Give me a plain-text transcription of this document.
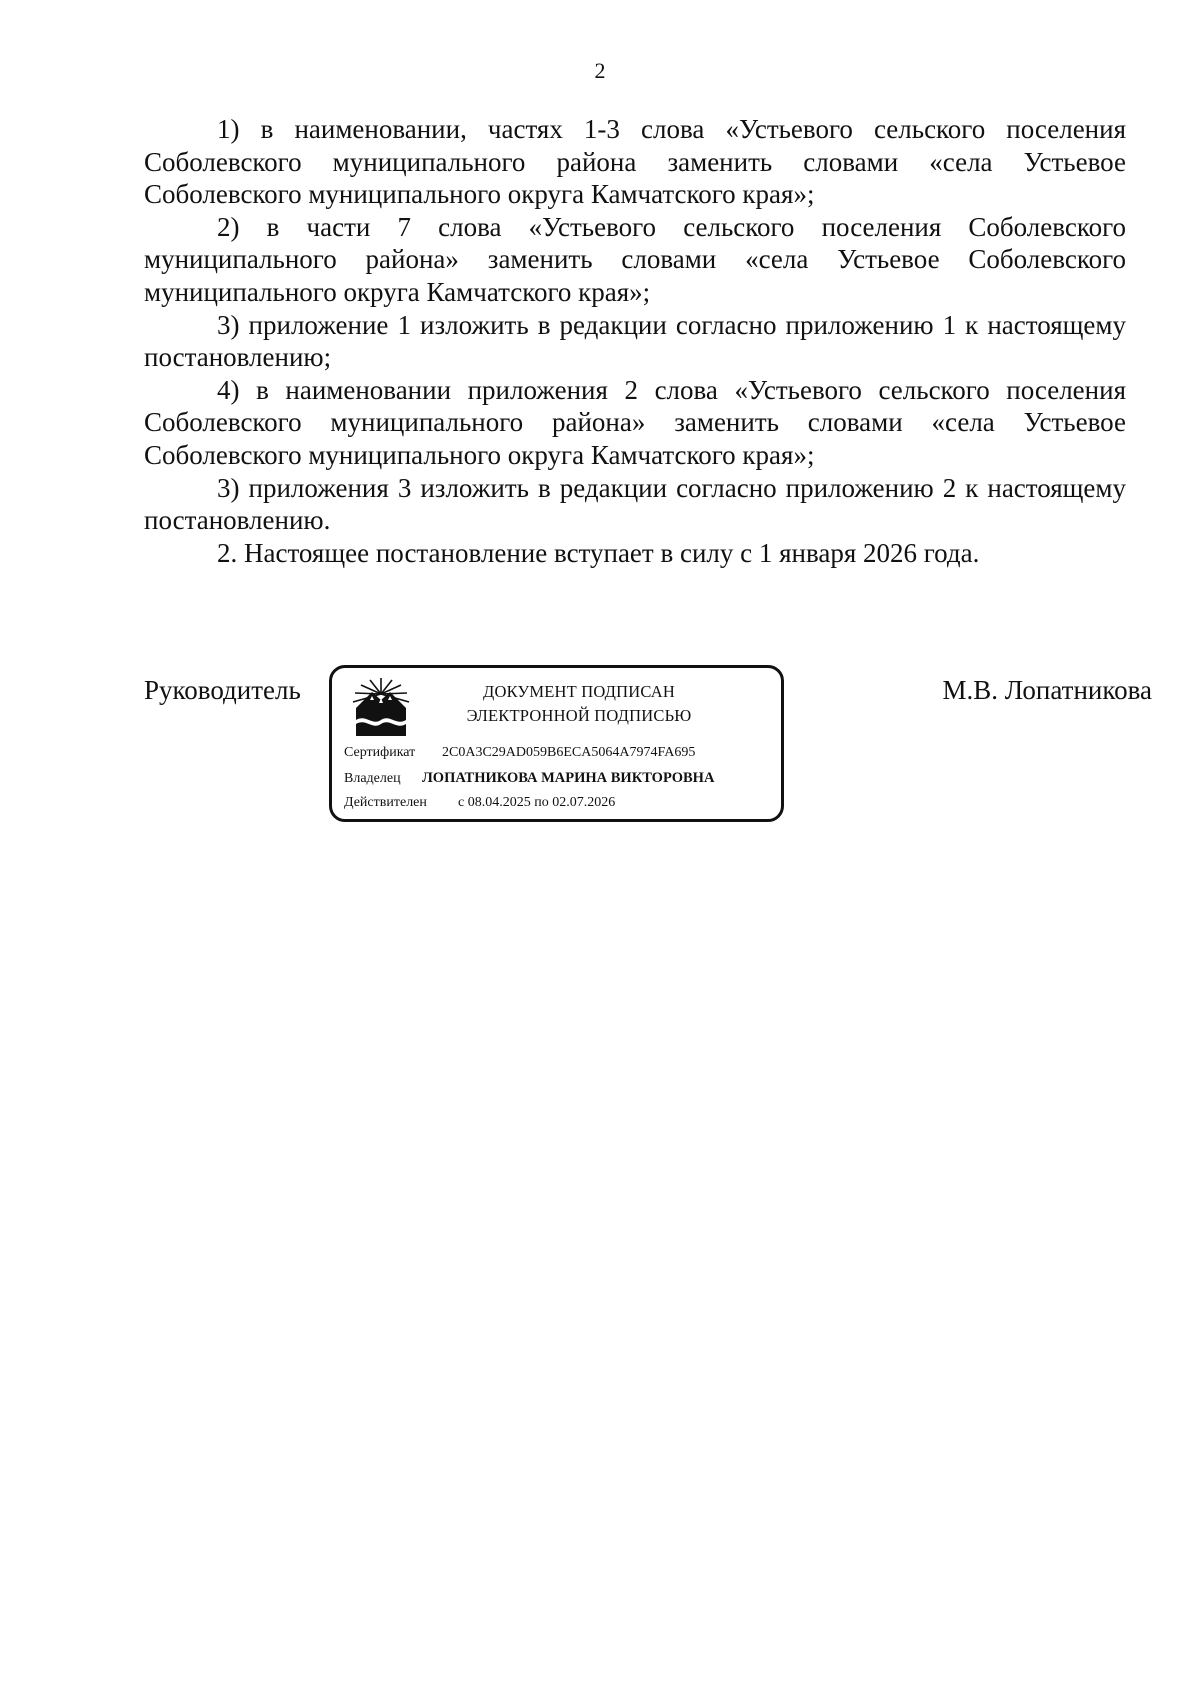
2

1) в наименовании, частях 1-3 слова «Устьевого сельского поселения Соболевского муниципального района заменить словами «села Устьевое Соболевского муниципального округа Камчатского края»;

2) в части 7 слова «Устьевого сельского поселения Соболевского муниципального района» заменить словами «села Устьевое Соболевского муниципального округа Камчатского края»;

3) приложение 1 изложить в редакции согласно приложению 1 к настоящему постановлению;

4) в наименовании приложения 2 слова «Устьевого сельского поселения Соболевского муниципального района» заменить словами «села Устьевое Соболевского муниципального округа Камчатского края»;

3) приложения 3 изложить в редакции согласно приложению 2 к настоящему постановлению.

2. Настоящее постановление вступает в силу с 1 января 2026 года.

Руководитель	ДОКУМЕНТ ПОДПИСАН
ЭЛЕКТРОННОЙ ПОДПИСЬЮ
Сертификат 2C0A3C29AD059B6ECA5064A7974FA695
Владелец ЛОПАТНИКОВА МАРИНА ВИКТОРОВНА
Действителен с 08.04.2025 по 02.07.2026
М.В. Лопатникова
